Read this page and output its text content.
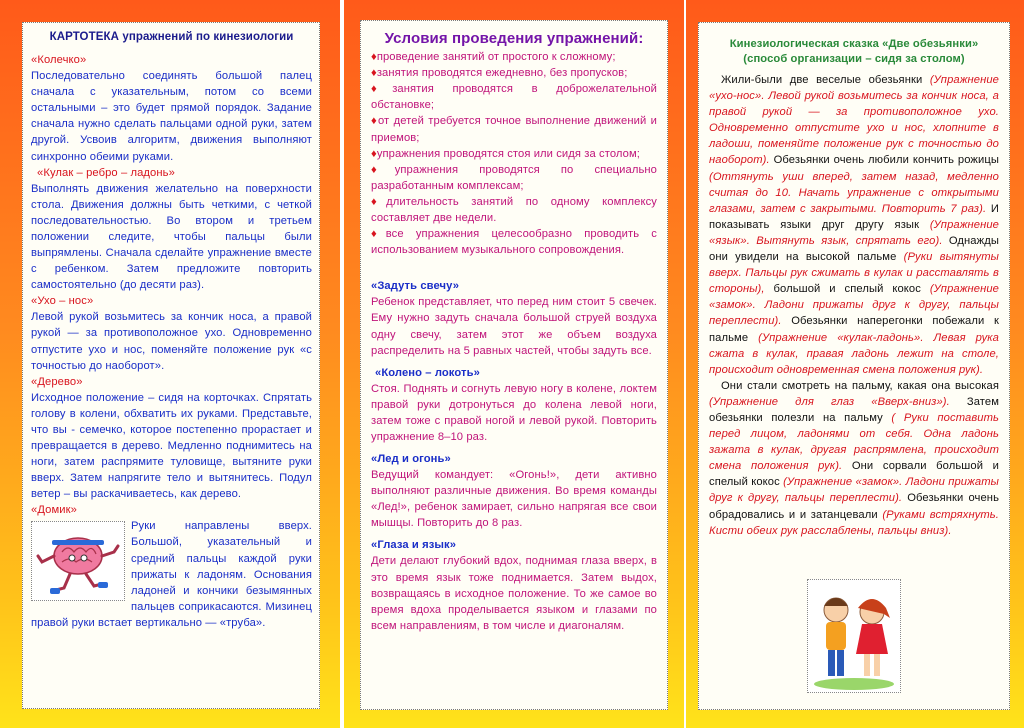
КАРТОТЕКА упражнений по кинезиологии
«Колечко»

Последовательно соединять большой палец сначала с указательным, потом со всеми остальными – это будет прямой порядок. Задание сначала нужно сделать пальцами одной руки, затем другой. Усвоив алгоритм, движения выполняют синхронно обеими руками.

«Кулак – ребро – ладонь»

Выполнять движения желательно на поверхности стола. Движения должны быть четкими, с четкой последовательностью. Во втором и третьем положении следите, чтобы пальцы были выпрямлены. Сначала сделайте упражнение вместе с ребенком. Затем предложите повторить самостоятельно (до десяти раз).

«Ухо – нос»

Левой рукой возьмитесь за кончик носа, а правой рукой — за противоположное ухо. Одновременно отпустите ухо и нос, поменяйте положение рук «с точностью до наоборот».

«Дерево»

Исходное положение – сидя на корточках. Спрятать голову в колени, обхватить их руками. Представьте, что вы - семечко, которое постепенно прорастает и превращается в дерево. Медленно поднимитесь на ноги, затем распрямите туловище, вытяните руки вверх. Затем напрягите тело и вытянитесь. Подул ветер – вы раскачиваетесь, как дерево.

«Домик»

Руки направлены вверх. Большой, указательный и средний пальцы каждой руки прижаты к ладоням. Основания ладоней и кончики безымянных пальцев соприкасаются. Мизинец правой руки встает вертикально — «труба».

Условия проведения упражнений:
♦проведение занятий от простого к сложному;
♦занятия проводятся ежедневно, без пропусков;
♦занятия проводятся в доброжелательной обстановке;
♦от детей требуется точное выполнение движений и приемов;
♦упражнения проводятся стоя или сидя за столом;
♦упражнения проводятся по специально разработанным комплексам;
♦длительность занятий по одному комплексу составляет две недели.
♦все упражнения целесообразно проводить с использованием музыкального сопровождения.
«Задуть свечу»

Ребенок представляет, что перед ним стоит 5 свечек. Ему нужно задуть сначала большой струей воздуха одну свечу, затем этот же объем воздуха распределить на 5 равных частей, чтобы задуть все.

«Колено – локоть»

Стоя. Поднять и согнуть левую ногу в колене, локтем правой руки дотронуться до колена левой ноги, затем тоже с правой ногой и левой рукой. Повторить упражнение 8–10 раз.

«Лед и огонь»

Ведущий командует: «Огонь!», дети активно выполняют различные движения. Во время команды «Лед!», ребенок замирает, сильно напрягая все свои мышцы. Повторить до 8 раз.

«Глаза и язык»

Дети делают глубокий вдох, поднимая глаза вверх, в это время язык тоже поднимается. Затем выдох, возвращаясь в исходное положение. То же самое во время вдоха проделывается языком и глазами по всем направлениям, в том числе и диагоналям.

Кинезиологическая сказка «Две обезьянки»
(способ организации – сидя за столом)

Жили-были две веселые обезьянки (Упражнение «ухо-нос». Левой рукой возьмитесь за кончик носа, а правой рукой — за противоположное ухо. Одновременно отпустите ухо и нос, хлопните в ладоши, поменяйте положение рук с точностью до наоборот). Обезьянки очень любили кончить рожицы (Оттянуть уши вперед, затем назад, медленно считая до 10. Начать упражнение с открытыми глазами, затем с закрытыми. Повторить 7 раз). И показывать языки друг другу язык (Упражнение «язык». Вытянуть язык, спрятать его). Однажды они увидели на высокой пальме (Руки вытянуты вверх. Пальцы рук сжимать в кулак и расставлять в стороны), большой и спелый кокос (Упражнение «замок». Ладони прижаты друг к другу, пальцы переплести). Обезьянки наперегонки побежали к пальме (Упражнение «кулак-ладонь». Левая рука сжата в кулак, правая ладонь лежит на столе, происходит одновременная смена положения рук).

Они стали смотреть на пальму, какая она высокая (Упражнение для глаз «Вверх-вниз»). Затем обезьянки полезли на пальму ( Руки поставить перед лицом, ладонями от себя. Одна ладонь зажата в кулак, другая распрямлена, происходит смена положения рук). Они сорвали большой и спелый кокос (Упражнение «замок». Ладони прижаты друг к другу, пальцы переплести). Обезьянки очень обрадовались и и затанцевали (Руками встряхнуть. Кисти обеих рук расслаблены, пальцы вниз).
